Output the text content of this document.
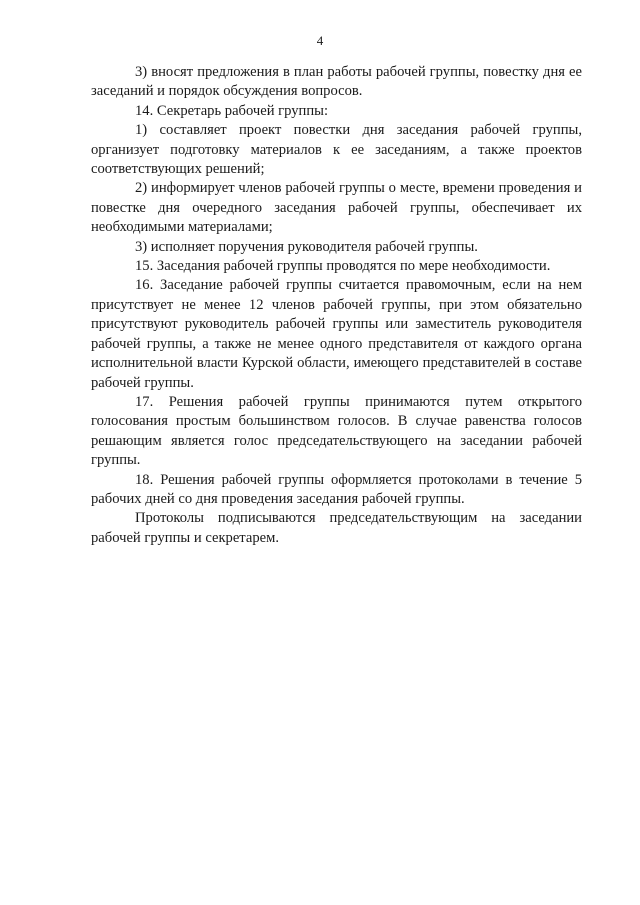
4

3) вносят предложения в план работы рабочей группы, повестку дня ее заседаний и порядок обсуждения вопросов.

14. Секретарь рабочей группы:

1) составляет проект повестки дня заседания рабочей группы, организует подготовку материалов к ее заседаниям, а также проектов соответствующих решений;

2) информирует членов рабочей группы о месте, времени проведения и повестке дня очередного заседания рабочей группы, обеспечивает их необходимыми материалами;

3) исполняет поручения руководителя рабочей группы.

15. Заседания рабочей группы проводятся по мере необходимости.

16. Заседание рабочей группы считается правомочным, если на нем присутствует не менее 12 членов рабочей группы, при этом обязательно присутствуют руководитель рабочей группы или заместитель руководителя рабочей группы, а также не менее одного представителя от каждого органа исполнительной власти Курской области, имеющего представителей в составе рабочей группы.

17. Решения рабочей группы принимаются путем открытого голосования простым большинством голосов. В случае равенства голосов решающим является голос председательствующего на заседании рабочей группы.

18. Решения рабочей группы оформляется протоколами в течение 5 рабочих дней со дня проведения заседания рабочей группы.

Протоколы подписываются председательствующим на заседании рабочей группы и секретарем.
